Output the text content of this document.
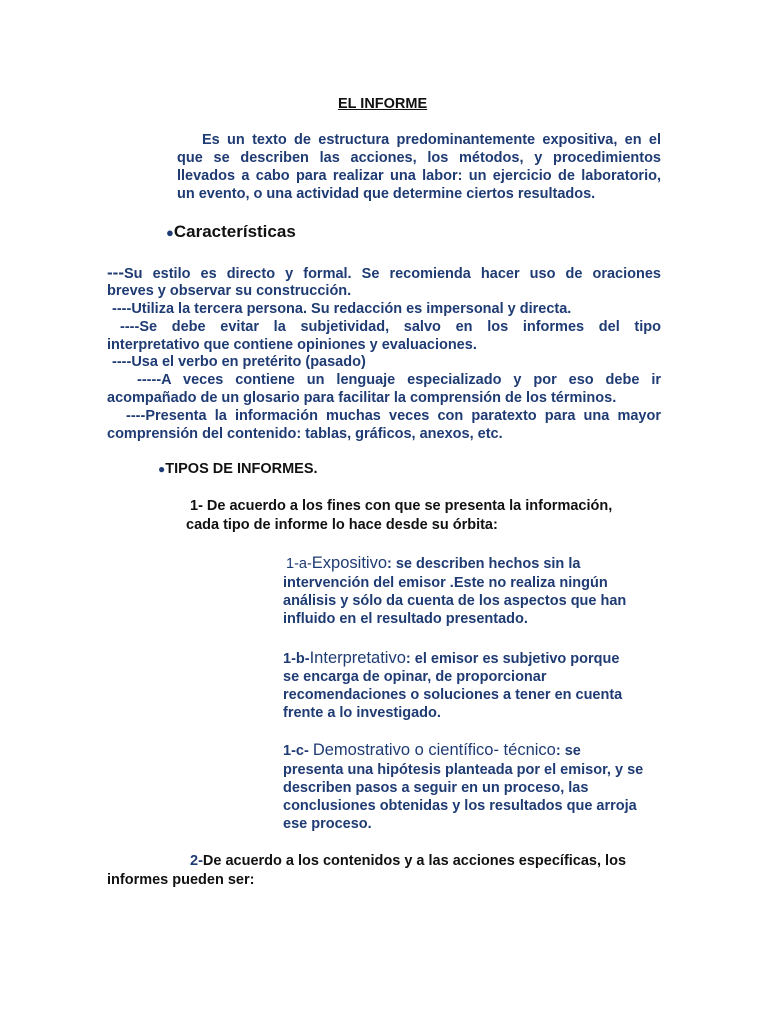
EL INFORME
Es un texto de estructura predominantemente expositiva, en el
que se describen las acciones, los métodos, y procedimientos
llevados a cabo para realizar una labor: un ejercicio de laboratorio,
un evento, o una actividad que determine ciertos resultados.
●Características
---Su estilo es directo y formal. Se recomienda hacer uso de oraciones
breves y observar su construcción.
----Utiliza la tercera persona. Su redacción es impersonal y directa.
----Se debe evitar la subjetividad, salvo en los informes del tipo
interpretativo que contiene opiniones y evaluaciones.
----Usa el verbo en pretérito (pasado)
-----A veces contiene un lenguaje especializado y por eso debe ir
acompañado de un glosario para facilitar la comprensión de los términos.
----Presenta la información muchas veces con paratexto para una mayor
comprensión del contenido: tablas, gráficos, anexos, etc.
●TIPOS DE INFORMES.
1- De acuerdo a los fines con que se presenta la información,
cada tipo de informe lo hace desde su órbita:
1-a-Expositivo: se describen hechos sin la
intervención del emisor .Este no realiza ningún
análisis y sólo da cuenta de los aspectos que han
influido en el resultado presentado.
1-b-Interpretativo: el emisor es subjetivo porque
se encarga de opinar, de proporcionar
recomendaciones o soluciones a tener en cuenta
frente a lo investigado.
1-c- Demostrativo o científico- técnico: se
presenta una hipótesis planteada por el emisor, y se
describen pasos a seguir en un proceso, las
conclusiones obtenidas y los resultados que arroja
ese proceso.
2-De acuerdo a los contenidos y a las acciones específicas, los
informes pueden ser:
